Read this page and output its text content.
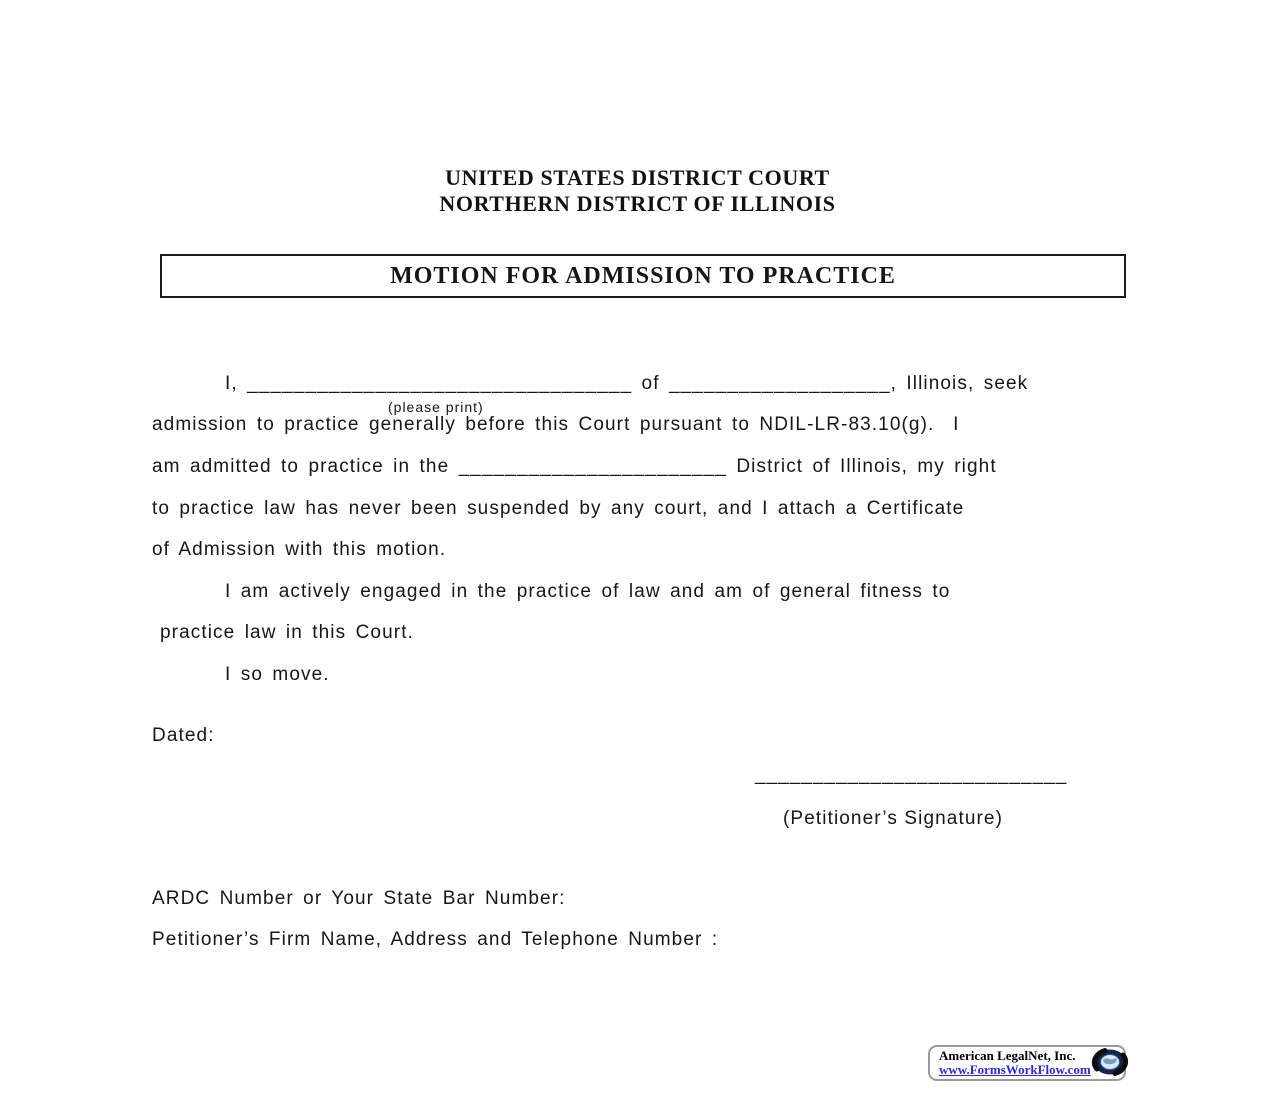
UNITED STATES DISTRICT COURT
NORTHERN DISTRICT OF ILLINOIS
MOTION FOR ADMISSION TO PRACTICE
I, _________________________________ of ___________________, Illinois, seek
(please print)
admission to practice generally before this Court pursuant to NDIL-LR-83.10(g).  I
am admitted to practice in the _______________________ District of Illinois, my right
to practice law has never been suspended by any court, and I attach a Certificate
of Admission with this motion.
I am actively engaged in the practice of law and am of general fitness to
practice law in this Court.
I so move.
Dated:
___________________________
(Petitioner’s Signature)
ARDC Number or Your State Bar Number:
Petitioner’s Firm Name, Address and Telephone Number :
American LegalNet, Inc.
www.FormsWorkFlow.com
